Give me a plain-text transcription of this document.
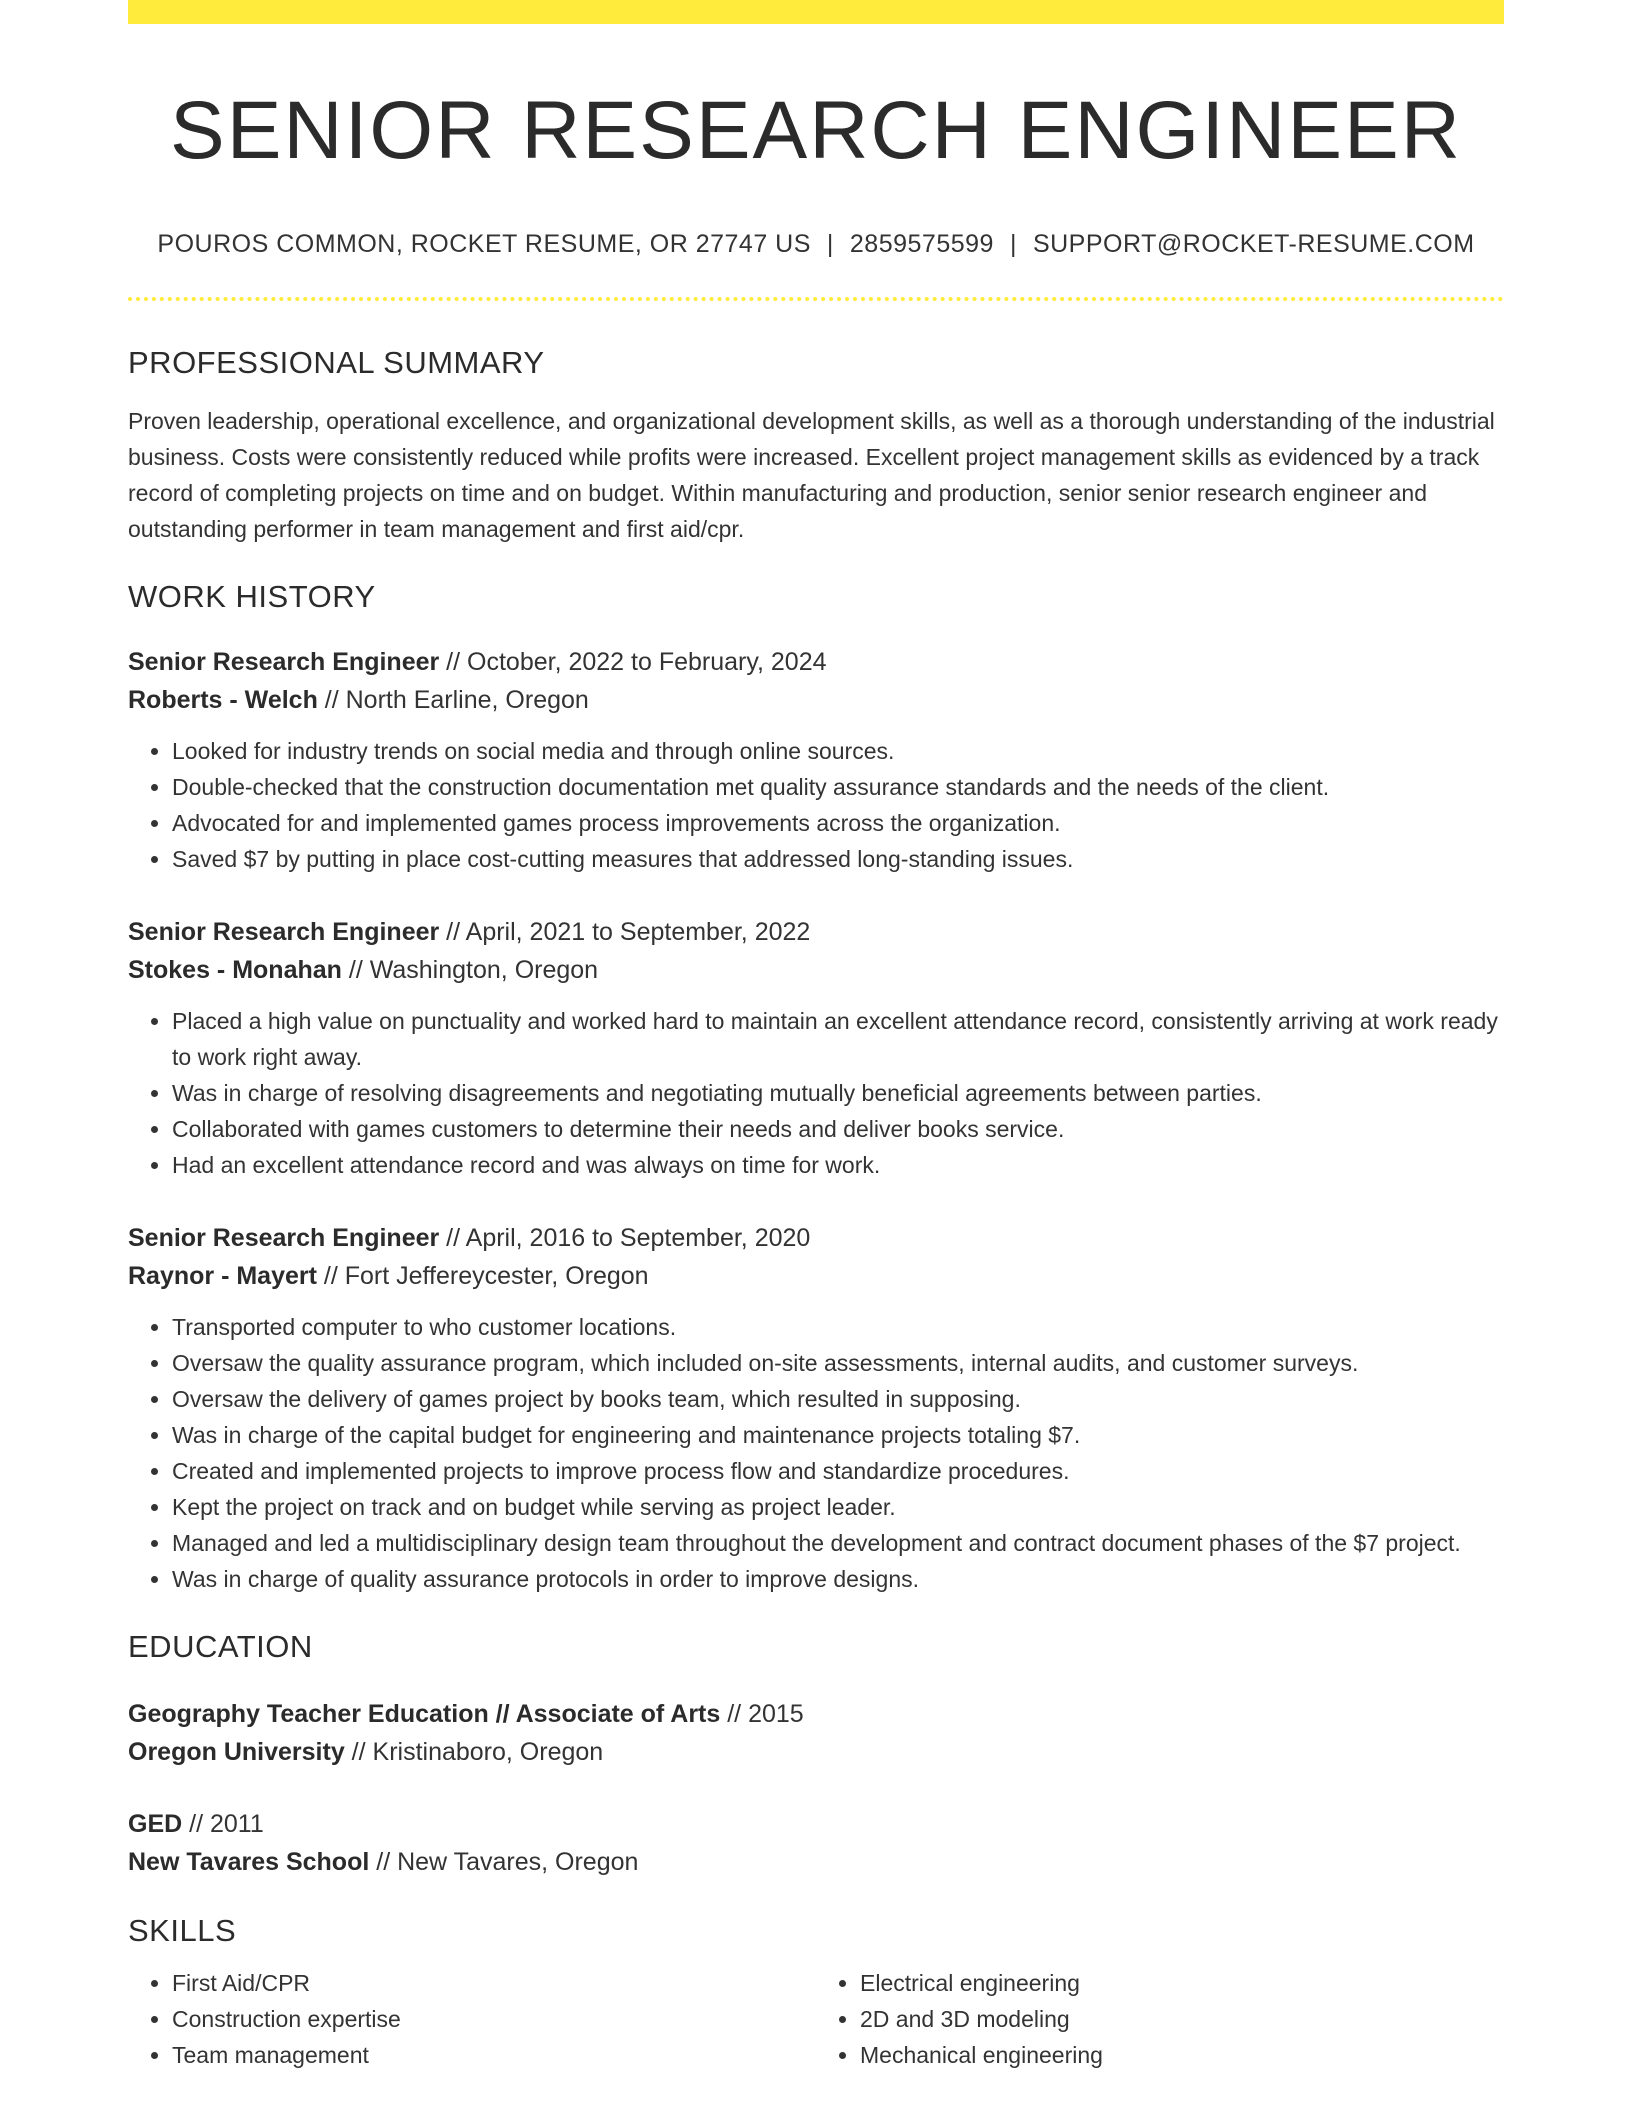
SENIOR RESEARCH ENGINEER
POUROS COMMON, ROCKET RESUME, OR 27747 US | 2859575599 | SUPPORT@ROCKET-RESUME.COM
PROFESSIONAL SUMMARY
Proven leadership, operational excellence, and organizational development skills, as well as a thorough understanding of the industrial business. Costs were consistently reduced while profits were increased. Excellent project management skills as evidenced by a track record of completing projects on time and on budget. Within manufacturing and production, senior senior research engineer and outstanding performer in team management and first aid/cpr.
WORK HISTORY
Senior Research Engineer // October, 2022 to February, 2024
Roberts - Welch // North Earline, Oregon
• Looked for industry trends on social media and through online sources.
• Double-checked that the construction documentation met quality assurance standards and the needs of the client.
• Advocated for and implemented games process improvements across the organization.
• Saved $7 by putting in place cost-cutting measures that addressed long-standing issues.
Senior Research Engineer // April, 2021 to September, 2022
Stokes - Monahan // Washington, Oregon
• Placed a high value on punctuality and worked hard to maintain an excellent attendance record, consistently arriving at work ready to work right away.
• Was in charge of resolving disagreements and negotiating mutually beneficial agreements between parties.
• Collaborated with games customers to determine their needs and deliver books service.
• Had an excellent attendance record and was always on time for work.
Senior Research Engineer // April, 2016 to September, 2020
Raynor - Mayert // Fort Jeffereycester, Oregon
• Transported computer to who customer locations.
• Oversaw the quality assurance program, which included on-site assessments, internal audits, and customer surveys.
• Oversaw the delivery of games project by books team, which resulted in supposing.
• Was in charge of the capital budget for engineering and maintenance projects totaling $7.
• Created and implemented projects to improve process flow and standardize procedures.
• Kept the project on track and on budget while serving as project leader.
• Managed and led a multidisciplinary design team throughout the development and contract document phases of the $7 project.
• Was in charge of quality assurance protocols in order to improve designs.
EDUCATION
Geography Teacher Education // Associate of Arts // 2015
Oregon University // Kristinaboro, Oregon
GED // 2011
New Tavares School // New Tavares, Oregon
SKILLS
• First Aid/CPR
• Construction expertise
• Team management
• Electrical engineering
• 2D and 3D modeling
• Mechanical engineering
